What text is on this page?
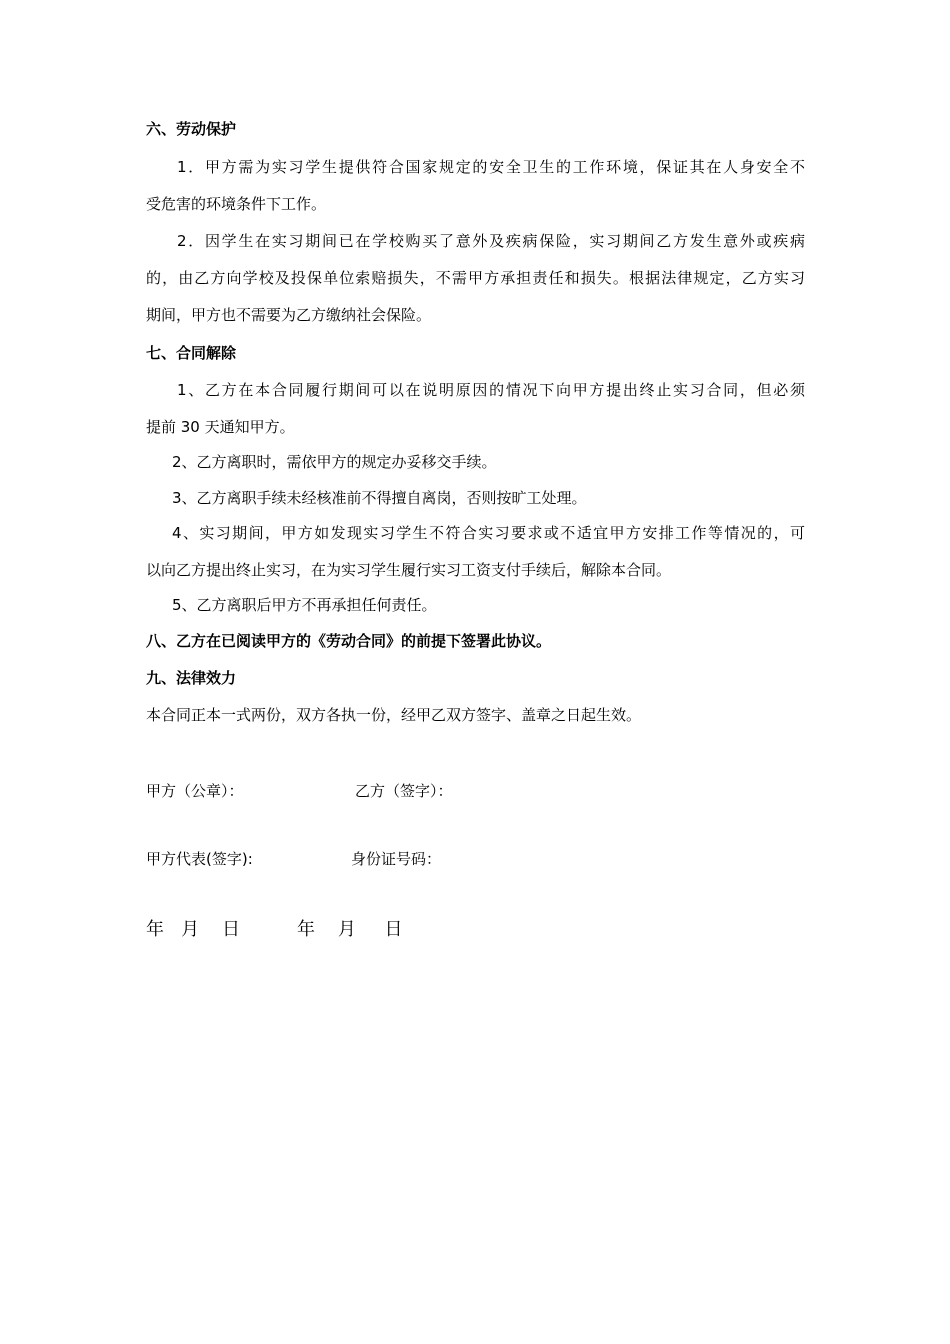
六、劳动保护
1．甲方需为实习学生提供符合国家规定的安全卫生的工作环境，保证其在人身安全不
受危害的环境条件下工作。
2．因学生在实习期间已在学校购买了意外及疾病保险，实习期间乙方发生意外或疾病
的，由乙方向学校及投保单位索赔损失，不需甲方承担责任和损失。根据法律规定，乙方实习
期间，甲方也不需要为乙方缴纳社会保险。
七、合同解除
1、乙方在本合同履行期间可以在说明原因的情况下向甲方提出终止实习合同，但必须
提前 30 天通知甲方。
2、乙方离职时，需依甲方的规定办妥移交手续。
3、乙方离职手续未经核准前不得擅自离岗，否则按旷工处理。
4、实习期间，甲方如发现实习学生不符合实习要求或不适宜甲方安排工作等情况的，可
以向乙方提出终止实习，在为实习学生履行实习工资支付手续后，解除本合同。
5、乙方离职后甲方不再承担任何责任。
八、乙方在已阅读甲方的《劳动合同》的前提下签署此协议。
九、法律效力
本合同正本一式两份，双方各执一份，经甲乙双方签字、盖章之日起生效。
甲方（公章）：	乙方（签字）：
甲方代表(签字):	身份证号码：
年   月    日	年    月     日
